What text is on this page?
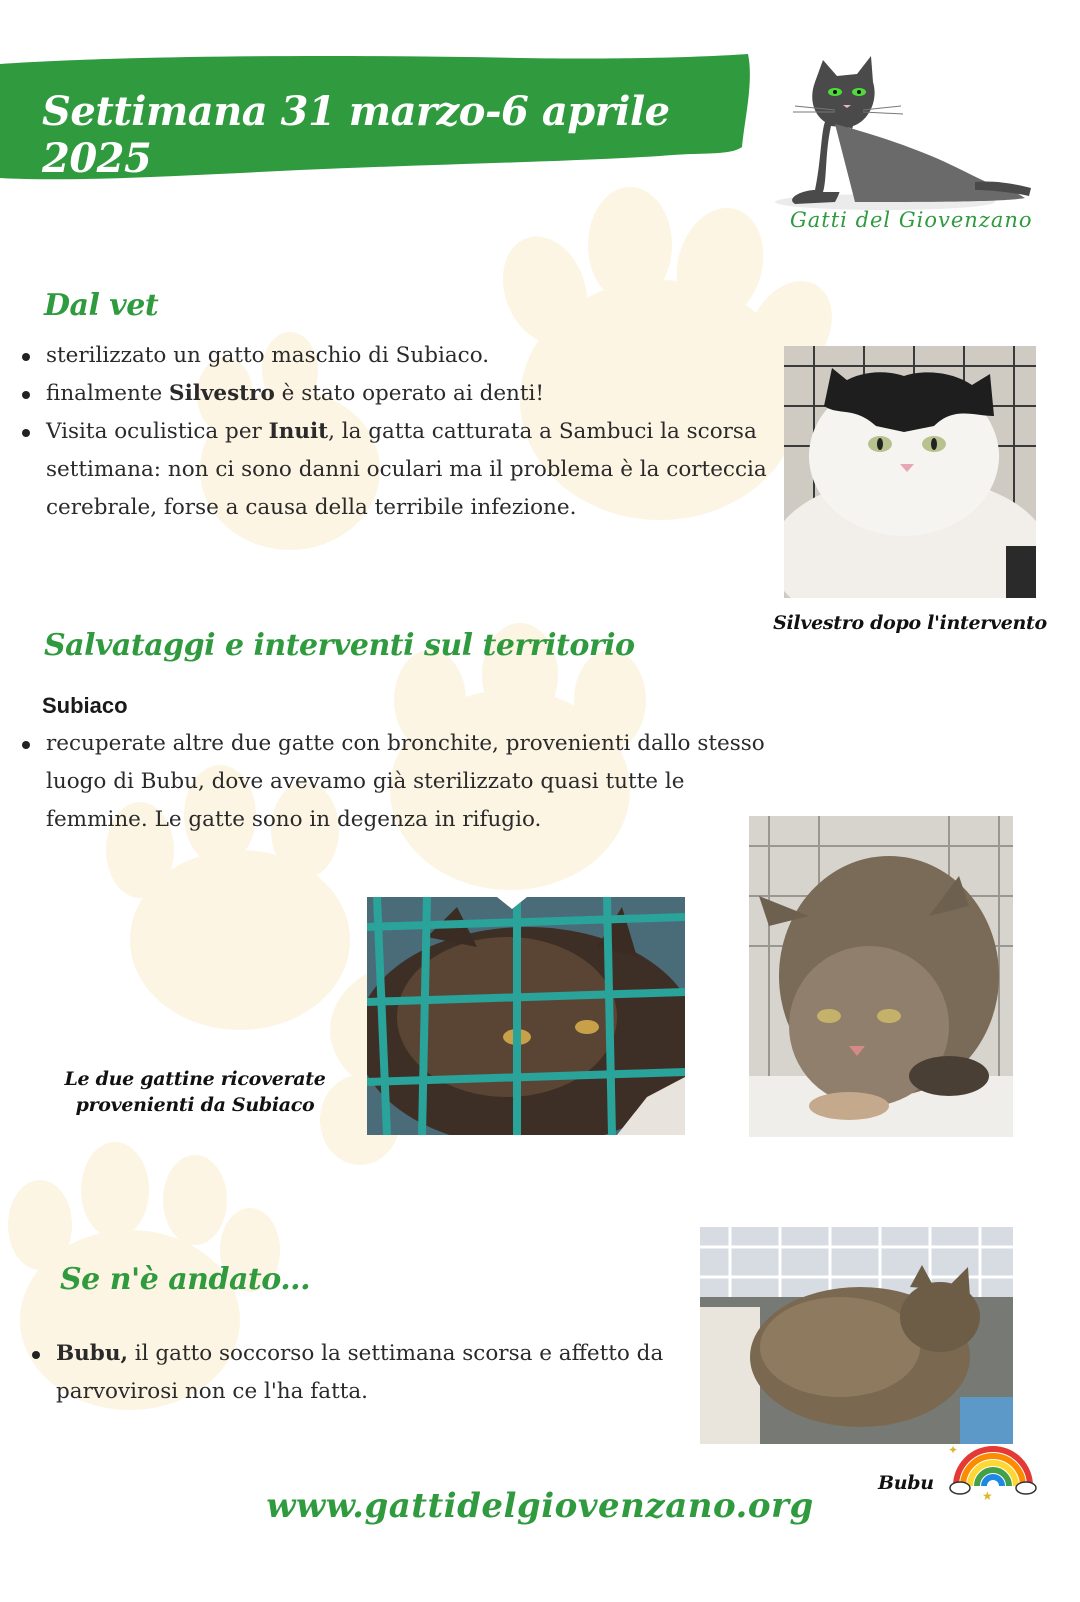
Settimana 31 marzo-6 aprile 2025
Gatti del Giovenzano
Dal vet
sterilizzato un gatto maschio di Subiaco.
finalmente Silvestro è stato operato ai denti!
Visita oculistica per Inuit, la gatta catturata a Sambuci la scorsa settimana: non ci sono danni oculari ma il problema è la corteccia cerebrale, forse a causa della terribile infezione.
Silvestro dopo l'intervento
Salvataggi e interventi sul territorio
Subiaco
recuperate altre due gatte con bronchite, provenienti dallo stesso luogo di Bubu, dove avevamo già sterilizzato quasi tutte le femmine. Le gatte sono in degenza in rifugio.
Le due gattine ricoverate
provenienti da Subiaco
Se n'è andato...
Bubu, il gatto soccorso la settimana scorsa e affetto da parvovirosi non ce l'ha fatta.
Bubu
✦
★
www.gattidelgiovenzano.org
